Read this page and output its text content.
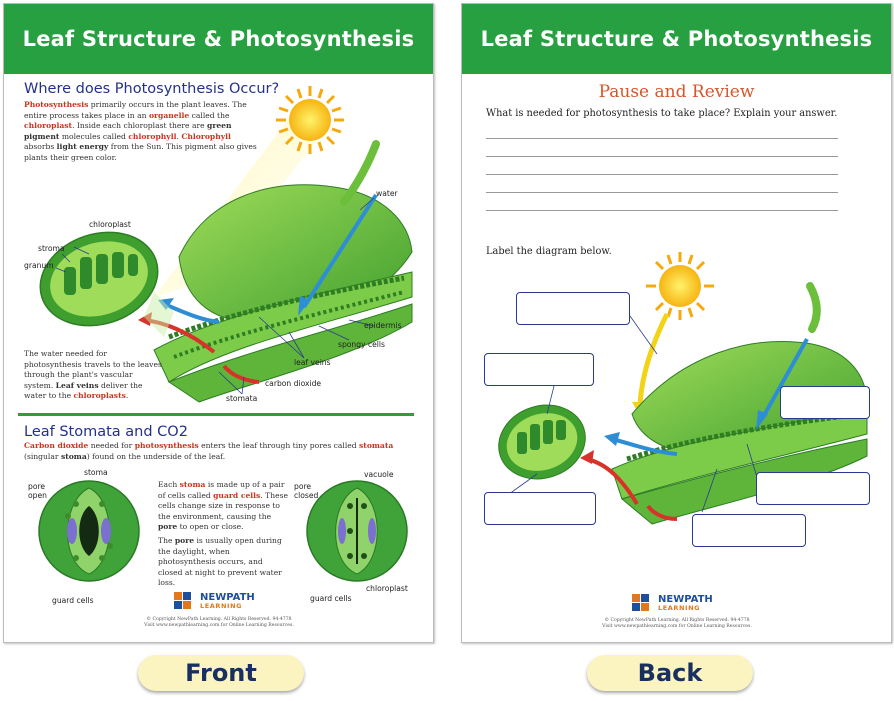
Leaf Structure & Photosynthesis
Where does Photosynthesis Occur?
Photosynthesis primarily occurs in the plant leaves. The entire process takes place in an organelle called the chloroplast. Inside each chloroplast there are green pigment molecules called chlorophyll. Chlorophyll absorbs light energy from the Sun. This pigment also gives plants their green color.
chloroplast
stroma
granum
water
epidermis
spongy cells
leaf veins
carbon dioxide
stomata
The water needed for photosynthesis travels to the leaves through the plant's vascular system. Leaf veins deliver the water to the chloroplasts.
Leaf Stomata and CO2
Carbon dioxide needed for photosynthesis enters the leaf through tiny pores called stomata (singular stoma) found on the underside of the leaf.
stoma
pore open
guard cells
Each stoma is made up of a pair of cells called guard cells. These cells change size in response to the environment, causing the pore to open or close.
The pore is usually open during the daylight, when photosynthesis occurs, and closed at night to prevent water loss.
pore closed
vacuole
guard cells
chloroplast
NEWPATH
LEARNING
© Copyright NewPath Learning. All Rights Reserved. 94-4778
Visit www.newpathlearning.com for Online Learning Resources.
Leaf Structure & Photosynthesis
Pause and Review
What is needed for photosynthesis to take place? Explain your answer.
Label the diagram below.
NEWPATH
LEARNING
© Copyright NewPath Learning. All Rights Reserved. 94-4778
Visit www.newpathlearning.com for Online Learning Resources.
Front	Back
